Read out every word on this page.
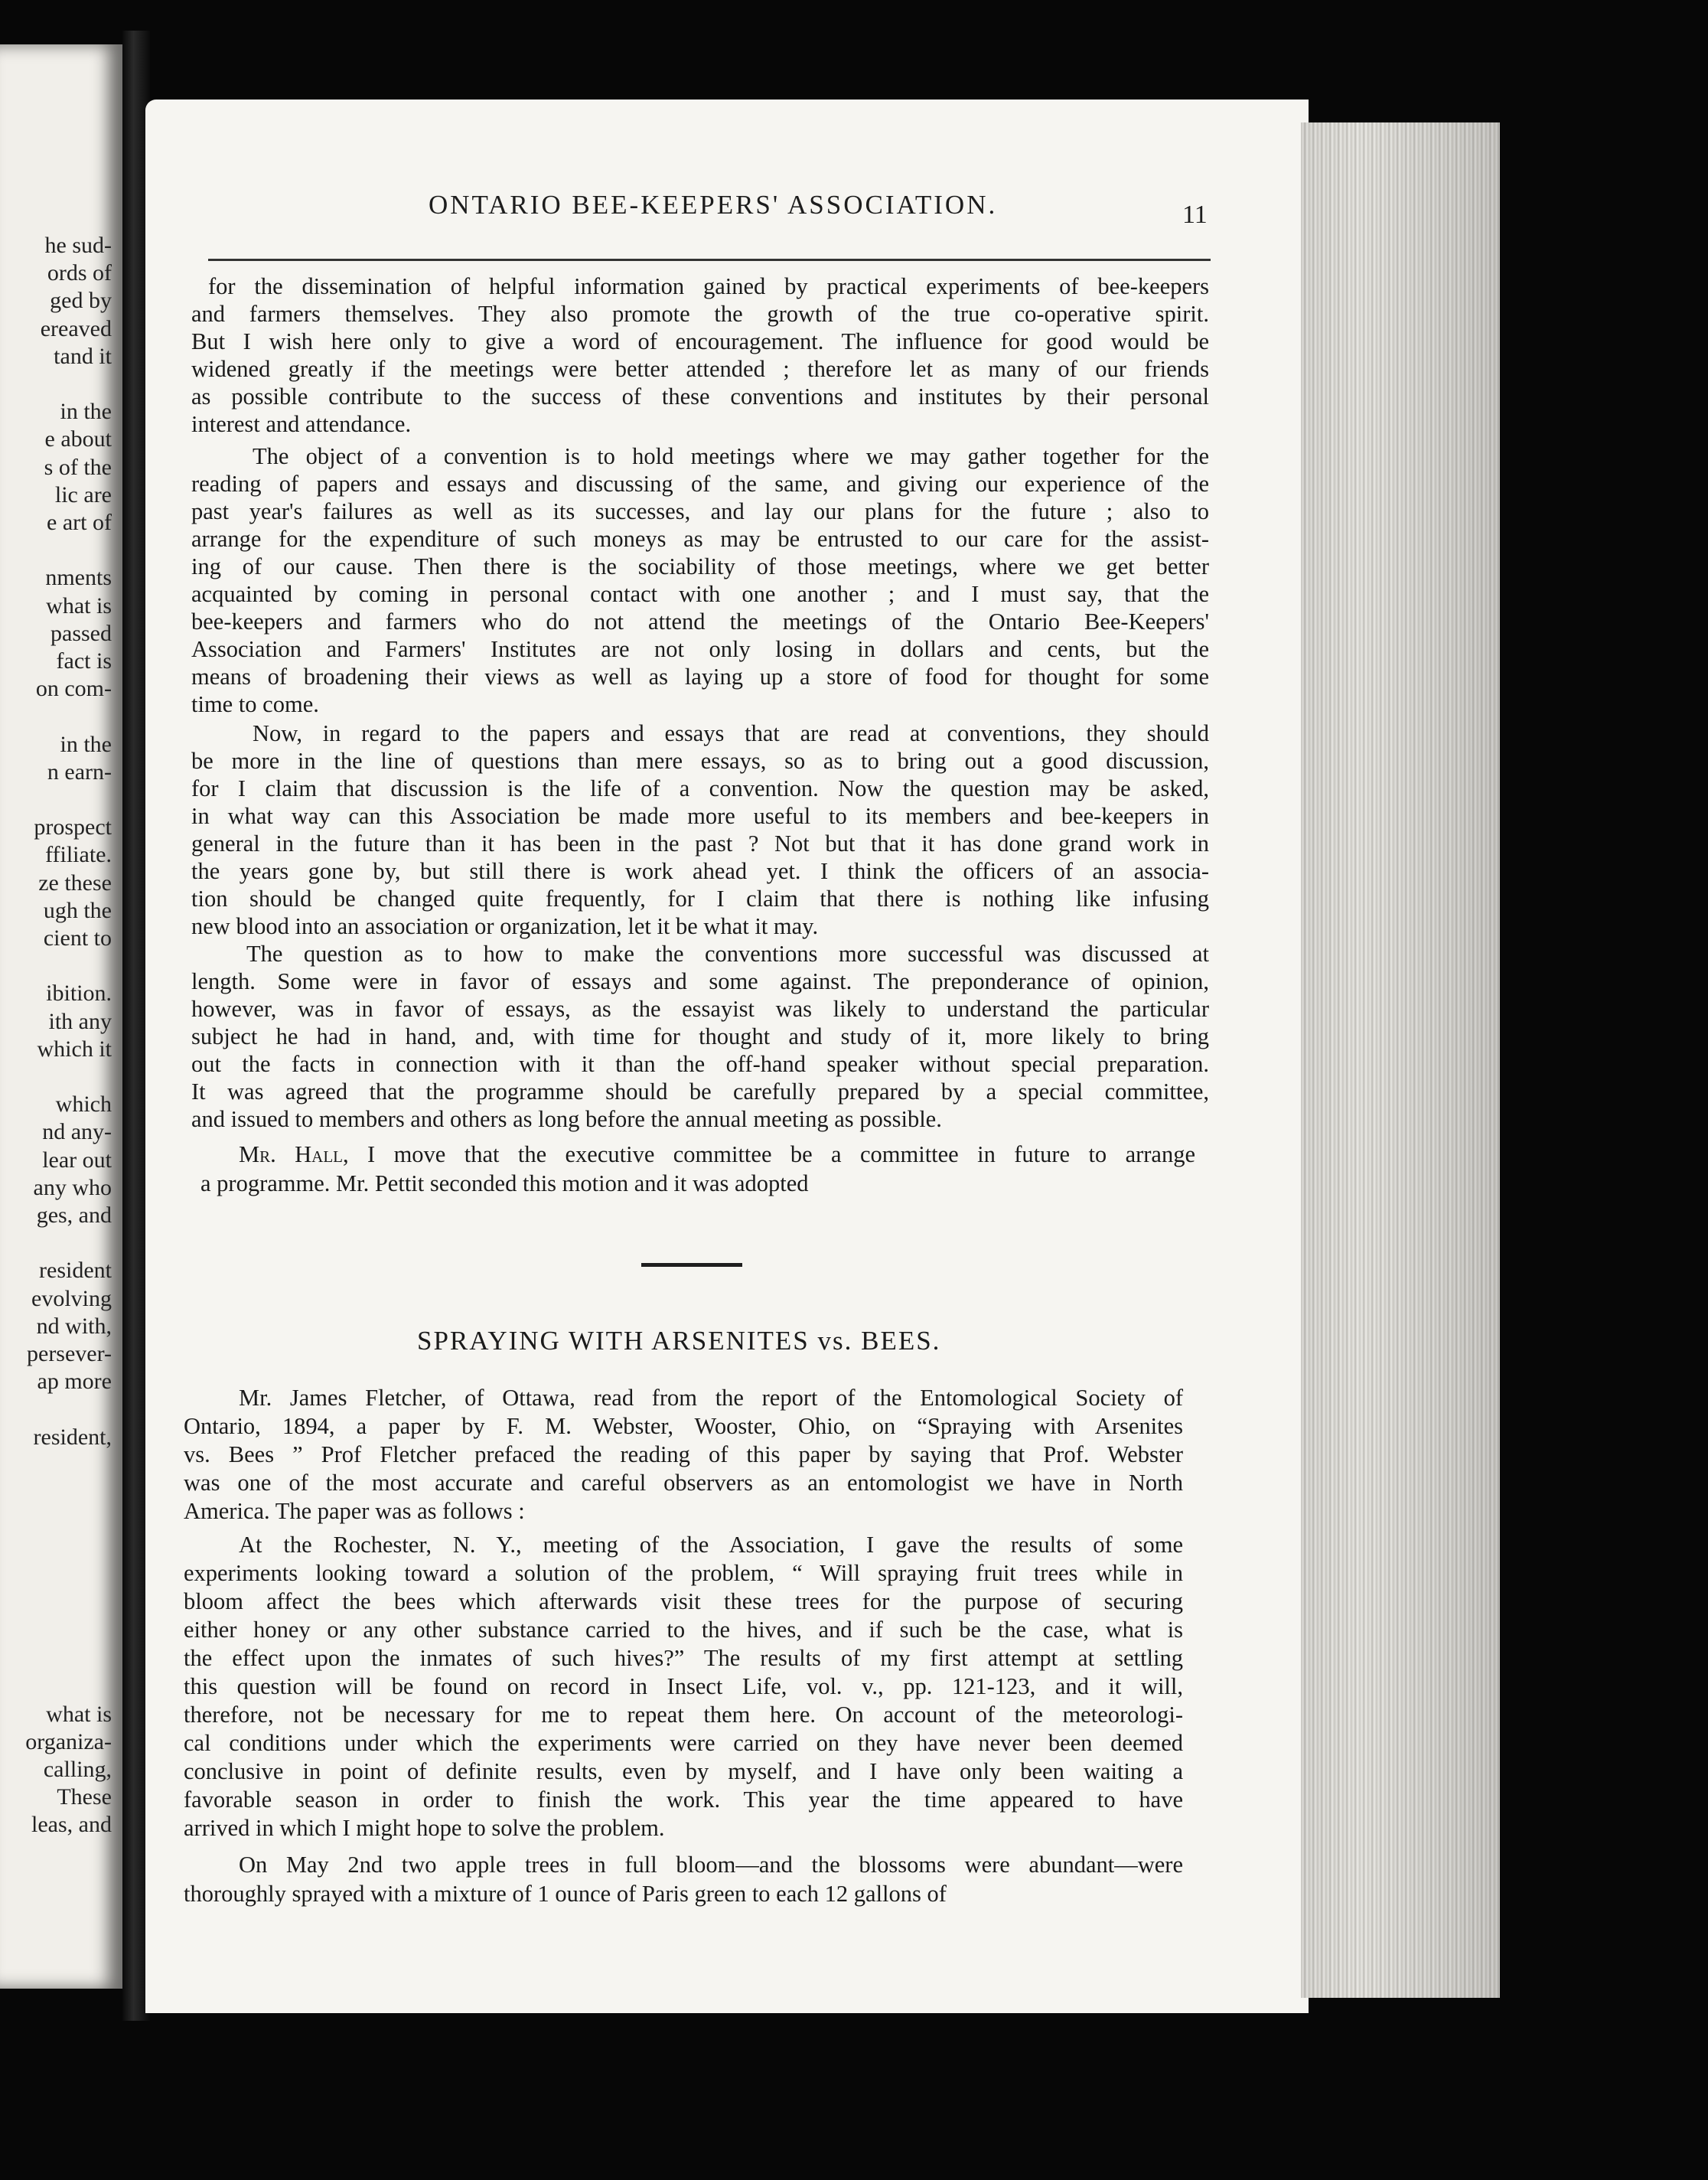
he sud-
ords of
ged by
ereaved
tand it
in the
e about
s of the
lic are
e art of
nments
what is
passed
fact is
on com-
in the
n earn-
prospect
ffiliate.
ze these
ugh the
cient to
ibition.
ith any
which it
which
nd any-
lear out
any who
ges, and
resident
evolving
nd with,
persever-
ap more
resident,
what is
organiza-
calling,
These
leas, and
ONTARIO BEE-KEEPERS' ASSOCIATION.	11
for the dissemination of helpful information gained by practical experiments of bee-keepers
and farmers themselves. They also promote the growth of the true co-operative spirit.
But I wish here only to give a word of encouragement. The influence for good would be
widened greatly if the meetings were better attended ; therefore let as many of our friends
as possible contribute to the success of these conventions and institutes by their personal
interest and attendance.
The object of a convention is to hold meetings where we may gather together for the
reading of papers and essays and discussing of the same, and giving our experience of the
past year's failures as well as its successes, and lay our plans for the future ; also to
arrange for the expenditure of such moneys as may be entrusted to our care for the assist-
ing of our cause. Then there is the sociability of those meetings, where we get better
acquainted by coming in personal contact with one another ; and I must say, that the
bee-keepers and farmers who do not attend the meetings of the Ontario Bee-Keepers'
Association and Farmers' Institutes are not only losing in dollars and cents, but the
means of broadening their views as well as laying up a store of food for thought for some
time to come.
Now, in regard to the papers and essays that are read at conventions, they should
be more in the line of questions than mere essays, so as to bring out a good discussion,
for I claim that discussion is the life of a convention. Now the question may be asked,
in what way can this Association be made more useful to its members and bee-keepers in
general in the future than it has been in the past ? Not but that it has done grand work in
the years gone by, but still there is work ahead yet. I think the officers of an associa-
tion should be changed quite frequently, for I claim that there is nothing like infusing
new blood into an association or organization, let it be what it may.
The question as to how to make the conventions more successful was discussed at
length. Some were in favor of essays and some against. The preponderance of opinion,
however, was in favor of essays, as the essayist was likely to understand the particular
subject he had in hand, and, with time for thought and study of it, more likely to bring
out the facts in connection with it than the off-hand speaker without special preparation.
It was agreed that the programme should be carefully prepared by a special committee,
and issued to members and others as long before the annual meeting as possible.
Mr. Hall, I move that the executive committee be a committee in future to arrange
a programme. Mr. Pettit seconded this motion and it was adopted
SPRAYING WITH ARSENITES vs. BEES.
Mr. James Fletcher, of Ottawa, read from the report of the Entomological Society of
Ontario, 1894, a paper by F. M. Webster, Wooster, Ohio, on “Spraying with Arsenites
vs. Bees ” Prof Fletcher prefaced the reading of this paper by saying that Prof. Webster
was one of the most accurate and careful observers as an entomologist we have in North
America. The paper was as follows :
At the Rochester, N. Y., meeting of the Association, I gave the results of some
experiments looking toward a solution of the problem, “ Will spraying fruit trees while in
bloom affect the bees which afterwards visit these trees for the purpose of securing
either honey or any other substance carried to the hives, and if such be the case, what is
the effect upon the inmates of such hives?” The results of my first attempt at settling
this question will be found on record in Insect Life, vol. v., pp. 121-123, and it will,
therefore, not be necessary for me to repeat them here. On account of the meteorologi-
cal conditions under which the experiments were carried on they have never been deemed
conclusive in point of definite results, even by myself, and I have only been waiting a
favorable season in order to finish the work. This year the time appeared to have
arrived in which I might hope to solve the problem.
On May 2nd two apple trees in full bloom—and the blossoms were abundant—were
thoroughly sprayed with a mixture of 1 ounce of Paris green to each 12 gallons of
